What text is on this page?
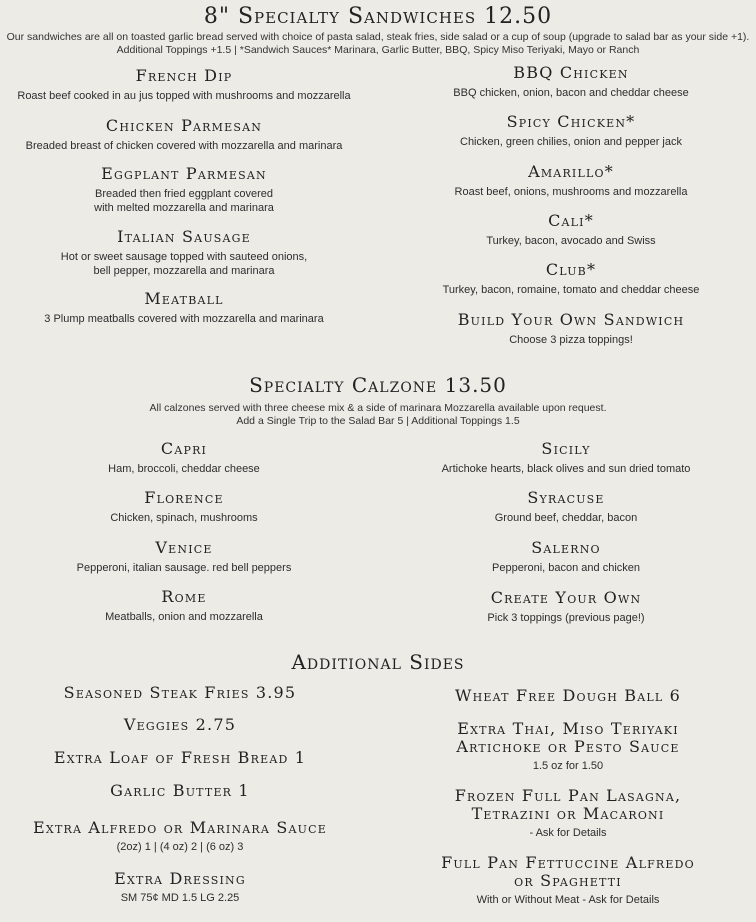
8" Specialty Sandwiches 12.50
Our sandwiches are all on toasted garlic bread served with choice of pasta salad, steak fries, side salad or a cup of soup (upgrade to salad bar as your side +1).
Additional Toppings +1.5 | *Sandwich Sauces* Marinara, Garlic Butter, BBQ, Spicy Miso Teriyaki, Mayo or Ranch
French Dip
Roast beef cooked in au jus topped with mushrooms and mozzarella
Chicken Parmesan
Breaded breast of chicken covered with mozzarella and marinara
Eggplant Parmesan
Breaded then fried eggplant covered
with melted mozzarella and marinara
Italian Sausage
Hot or sweet sausage topped with sauteed onions,
bell pepper, mozzarella and marinara
Meatball
3 Plump meatballs covered with mozzarella and marinara
BBQ Chicken
BBQ chicken, onion, bacon and cheddar cheese
Spicy Chicken*
Chicken, green chilies, onion and pepper jack
Amarillo*
Roast beef, onions, mushrooms and mozzarella
Cali*
Turkey, bacon, avocado and Swiss
Club*
Turkey, bacon, romaine, tomato and cheddar cheese
Build Your Own Sandwich
Choose 3 pizza toppings!
Specialty Calzone 13.50
All calzones served with three cheese mix & a side of marinara Mozzarella available upon request.
Add a Single Trip to the Salad Bar 5 | Additional Toppings 1.5
Capri
Ham, broccoli, cheddar cheese
Florence
Chicken, spinach, mushrooms
Venice
Pepperoni, italian sausage. red bell peppers
Rome
Meatballs, onion and mozzarella
Sicily
Artichoke hearts, black olives and sun dried tomato
Syracuse
Ground beef, cheddar, bacon
Salerno
Pepperoni, bacon and chicken
Create Your Own
Pick 3 toppings (previous page!)
Additional Sides
Seasoned Steak Fries 3.95
Veggies 2.75
Extra Loaf of Fresh Bread 1
Garlic Butter 1
Extra Alfredo or Marinara Sauce
(2oz) 1 | (4 oz) 2 | (6 oz) 3
Extra Dressing
SM 75¢ MD 1.5 LG 2.25
Wheat Free Dough Ball 6
Extra Thai, Miso Teriyaki
Artichoke or Pesto Sauce
1.5 oz for 1.50
Frozen Full Pan Lasagna,
Tetrazini or Macaroni
- Ask for Details
Full Pan Fettuccine Alfredo
or Spaghetti
With or Without Meat - Ask for Details
